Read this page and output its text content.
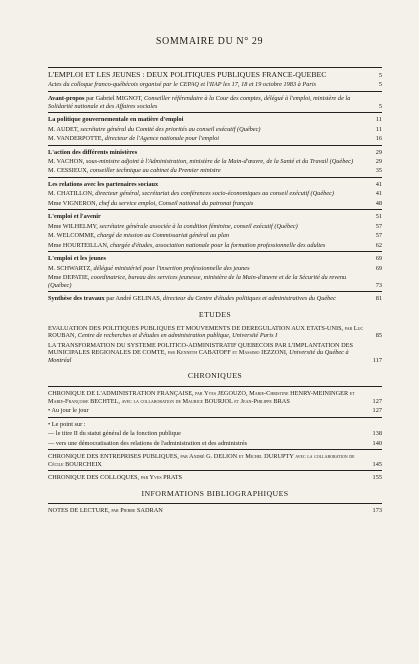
SOMMAIRE DU N° 29
L'EMPLOI ET LES JEUNES : DEUX POLITIQUES PUBLIQUES FRANCE-QUEBEC	5
Actes du colloque franco-québécois organisé par le CEPAQ et l'IIAP les 17, 18 et 19 octobre 1983 à Paris	5
Avant-propos par Gabriel MIGNOT, Conseiller référendaire à la Cour des comptes, délégué à l'emploi, ministère de la Solidarité nationale et des Affaires sociales	5
La politique gouvernementale en matière d'emploi	11
M. AUDET, secrétaire général du Comité des priorités au conseil exécutif (Québec)	11
M. VANDERPOTTE, directeur de l'Agence nationale pour l'emploi	16
L'action des différents ministères	29
M. VACHON, sous-ministre adjoint à l'Administration, ministère de la Main-d'œuvre, de la Santé et du Travail (Québec)	29
M. CESSIEUX, conseiller technique au cabinet du Premier ministre	35
Les relations avec les partenaires sociaux	41
M. CHATILLON, directeur général, secrétariat des conférences socio-économiques au conseil exécutif (Québec)	41
Mme VIGNERON, chef du service emploi, Conseil national du patronat français	48
L'emploi et l'avenir	51
Mme WILHELMY, secrétaire générale associée à la condition féminine, conseil exécutif (Québec)	57
M. WELCOMME, chargé de mission au Commissariat général au plan	57
Mme HOURTEILLAN, chargée d'études, association nationale pour la formation professionnelle des adultes	62
L'emploi et les jeunes	69
M. SCHWARTZ, délégué ministériel pour l'insertion professionnelle des jeunes	69
Mme DEPATIE, coordinatrice, bureau des services jeunesse, ministère de la Main-d'œuvre et de la Sécurité du revenu (Québec)	73
Synthèse des travaux par André GELINAS, directeur du Centre d'études politiques et administratives du Québec	81
ETUDES
EVALUATION DES POLITIQUES PUBLIQUES ET MOUVEMENTS DE DEREGULATION AUX ETATS-UNIS, par Luc ROUBAN, Centre de recherches et d'études en administration publique, Université Paris I	85
LA TRANSFORMATION DU SYSTEME POLITICO-ADMINISTRATIF QUEBECOIS PAR L'IMPLANTATION DES MUNICIPALES REGIONALES DE COMTE, par Kenneth CABATOFF et Massimo IEZZONI, Université du Québec à Montréal	117
CHRONIQUES
CHRONIQUE DE L'ADMINISTRATION FRANÇAISE, par Yves JEGOUZO, Marie-Christine HENRY-MEININGER et Marie-Françoise BECHTEL, avec la collaboration de Maurice BOURJOL et Jean-Philippe BRAS	127
• Au jour le jour	127
• Le point sur :
— le titre II du statut général de la fonction publique	138
— vers une démocratisation des relations de l'administration et des administrés	140
CHRONIQUE DES ENTREPRISES PUBLIQUES, par André G. DELION et Michel DURUPTY avec la collaboration de Cécile BOURCHEIX	145
CHRONIQUE DES COLLOQUES, par Yves PRATS	155
INFORMATIONS BIBLIOGRAPHIQUES
NOTES DE LECTURE, par Pierre SADRAN	173
